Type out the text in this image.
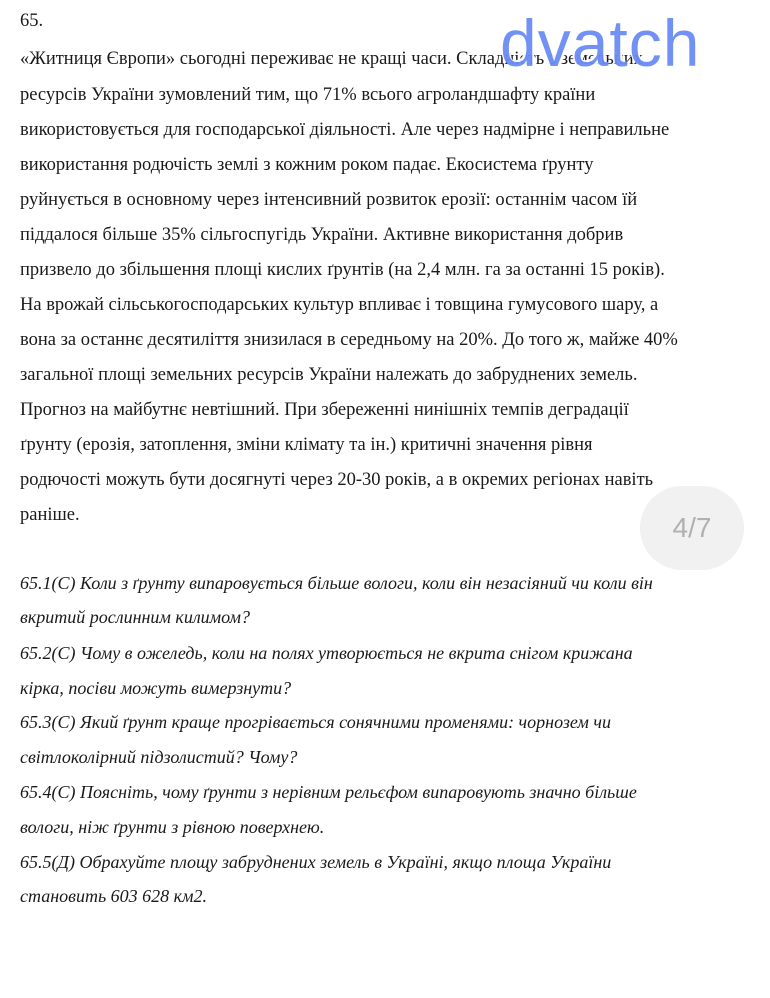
65.
«Житниця Європи» сьогодні переживає не кращі часи. Складність з земельних
ресурсів України зумовлений тим, що 71% всього агроландшафту країни
використовується для господарської діяльності. Але через надмірне і неправильне
використання родючість землі з кожним роком падає. Екосистема ґрунту
руйнується в основному через інтенсивний розвиток ерозії: останнім часом їй
піддалося більше 35% сільгоспугідь України. Активне використання добрив
призвело до збільшення площі кислих ґрунтів (на 2,4 млн. га за останні 15 років).
На врожай сільськогосподарських культур впливає і товщина гумусового шару, а
вона за останнє десятиліття знизилася в середньому на 20%. До того ж, майже 40%
загальної площі земельних ресурсів України належать до забруднених земель.
Прогноз на майбутнє невтішний. При збереженні нинішніх темпів деградації
ґрунту (ерозія, затоплення, зміни клімату та ін.) критичні значення рівня
родючості можуть бути досягнуті через 20-30 років, а в окремих регіонах навіть
раніше.
65.1(С) Коли з ґрунту випаровується більше вологи, коли він незасіяний чи коли він
вкритий рослинним килимом?
65.2(С) Чому в ожеледь, коли на полях утворюється не вкрита снігом крижана
кірка, посіви можуть вимерзнути?
65.3(С) Який ґрунт краще прогрівається сонячними променями: чорнозем чи
світлоколірний підзолистий? Чому?
65.4(С) Поясніть, чому ґрунти з нерівним рельєфом випаровують значно більше
вологи, ніж ґрунти з рівною поверхнею.
65.5(Д) Обрахуйте площу забруднених земель в Україні, якщо площа України
становить 603 628 км2.
dvatch
4/7
